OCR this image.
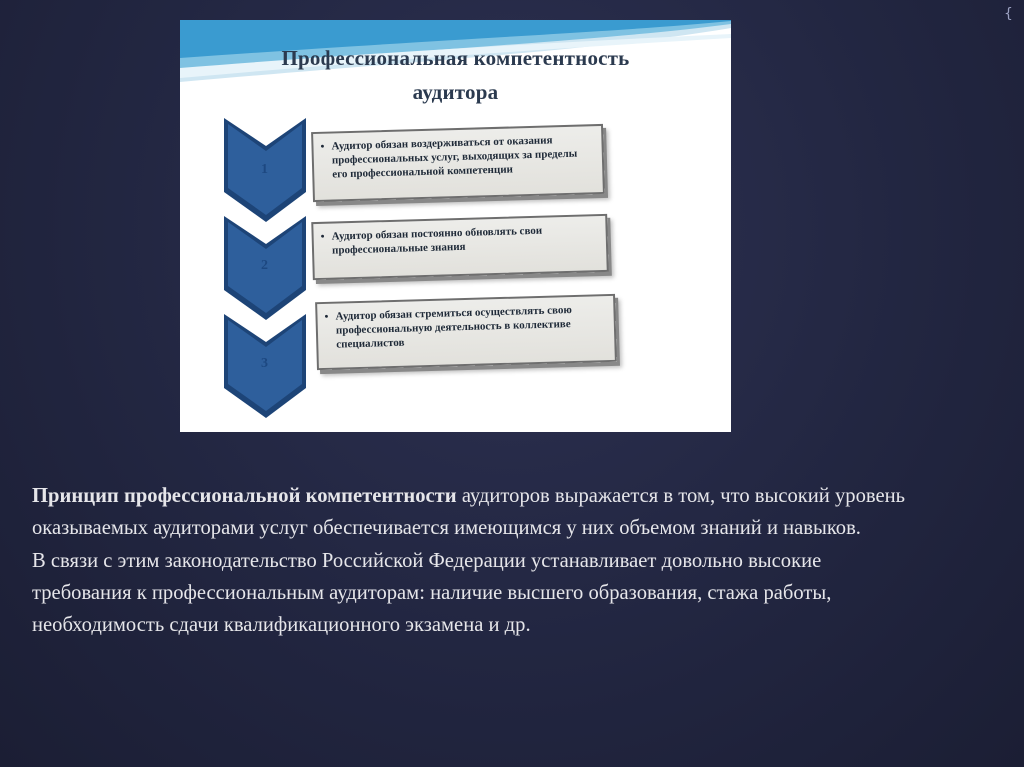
{
Профессиональная компетентность
аудитора
1
2
3
• Аудитор обязан воздерживаться от оказания профессиональных услуг, выходящих за пределы его профессиональной компетенции
• Аудитор обязан постоянно обновлять свои профессиональные знания
• Аудитор обязан стремиться осуществлять свою профессиональную деятельность в коллективе специалистов

Принцип профессиональной компетентности аудиторов выражается в том, что высокий уровень оказываемых аудиторами услуг обеспечивается имеющимся у них объемом знаний и навыков.

В связи с этим законодательство Российской Федерации устанавливает довольно высокие требования к профессиональным аудиторам: наличие высшего образования, стажа работы, необходимость сдачи квалификационного экзамена и др.
